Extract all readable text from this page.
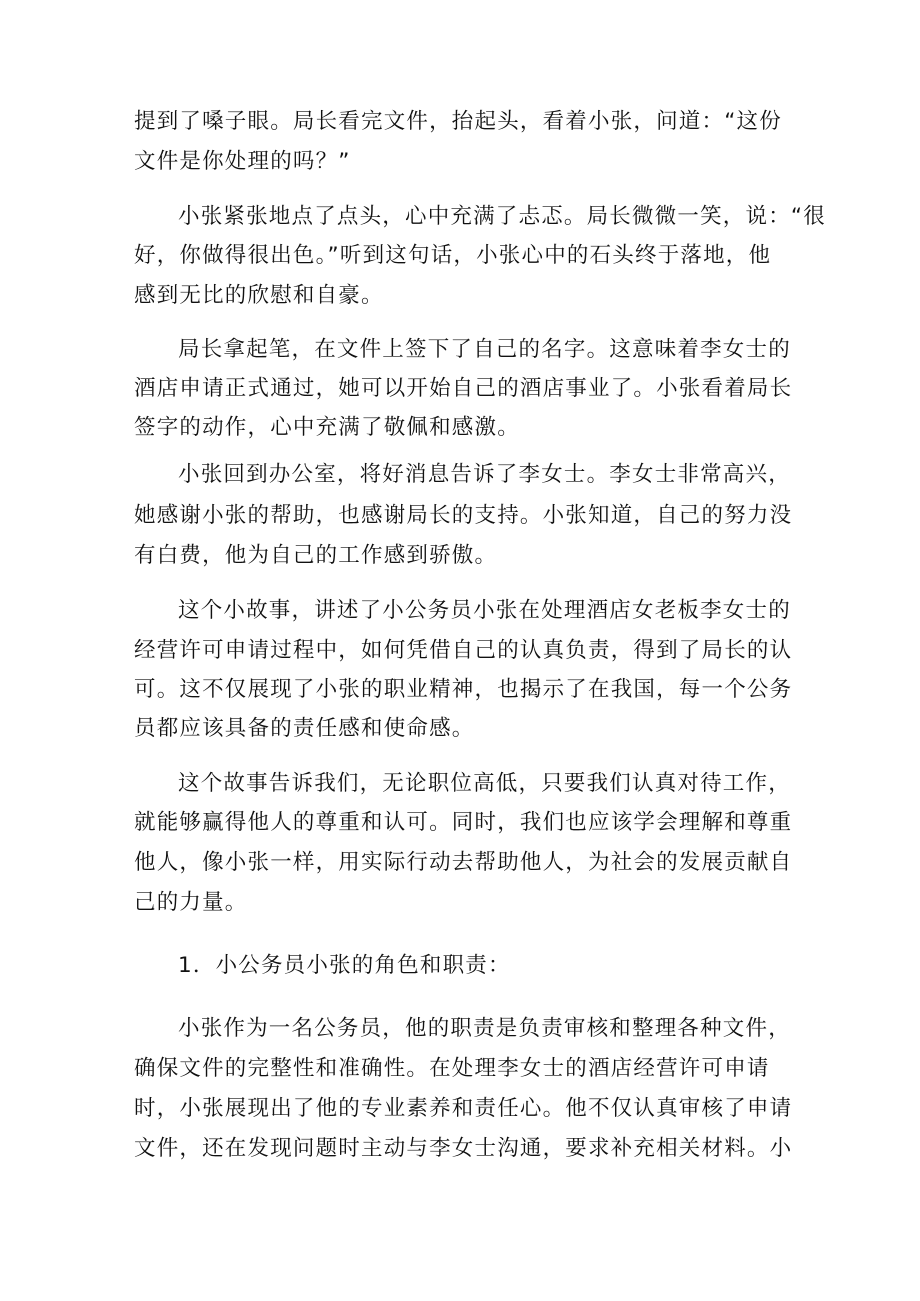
提到了嗓子眼。局长看完文件，抬起头，看着小张，问道：“这份
文件是你处理的吗？”
小张紧张地点了点头，心中充满了忐忑。局长微微一笑，说：“很
好，你做得很出色。”听到这句话，小张心中的石头终于落地，他
感到无比的欣慰和自豪。
局长拿起笔，在文件上签下了自己的名字。这意味着李女士的
酒店申请正式通过，她可以开始自己的酒店事业了。小张看着局长
签字的动作，心中充满了敬佩和感激。
小张回到办公室，将好消息告诉了李女士。李女士非常高兴，
她感谢小张的帮助，也感谢局长的支持。小张知道，自己的努力没
有白费，他为自己的工作感到骄傲。
这个小故事，讲述了小公务员小张在处理酒店女老板李女士的
经营许可申请过程中，如何凭借自己的认真负责，得到了局长的认
可。这不仅展现了小张的职业精神，也揭示了在我国，每一个公务
员都应该具备的责任感和使命感。
这个故事告诉我们，无论职位高低，只要我们认真对待工作，
就能够赢得他人的尊重和认可。同时，我们也应该学会理解和尊重
他人，像小张一样，用实际行动去帮助他人，为社会的发展贡献自
己的力量。
1．小公务员小张的角色和职责：
小张作为一名公务员，他的职责是负责审核和整理各种文件，
确保文件的完整性和准确性。在处理李女士的酒店经营许可申请
时，小张展现出了他的专业素养和责任心。他不仅认真审核了申请
文件，还在发现问题时主动与李女士沟通，要求补充相关材料。小
